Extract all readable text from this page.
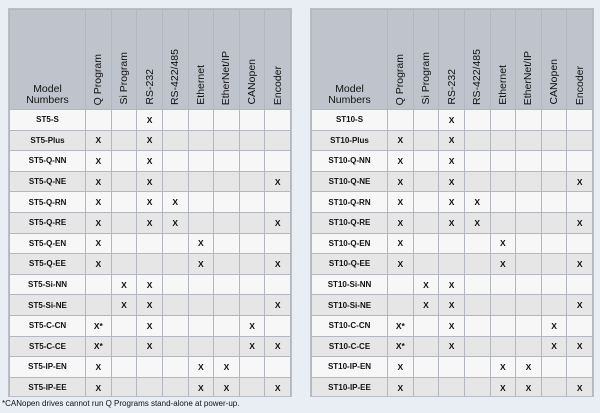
Model
Numbers	Q Program	Si Program	RS-232	RS-422/485	Ethernet	EtherNet/IP	CANopen	Encoder

ST5-S			X					
ST5-Plus	X		X					
ST5-Q-NN	X		X					
ST5-Q-NE	X		X					X
ST5-Q-RN	X		X	X				
ST5-Q-RE	X		X	X				X
ST5-Q-EN	X				X			
ST5-Q-EE	X				X			X
ST5-Si-NN		X	X					
ST5-Si-NE		X	X					X
ST5-C-CN	X*		X				X	
ST5-C-CE	X*		X				X	X
ST5-IP-EN	X				X	X		
ST5-IP-EE	X				X	X		X
Model
Numbers	Q Program	Si Program	RS-232	RS-422/485	Ethernet	EtherNet/IP	CANopen	Encoder

ST10-S			X					
ST10-Plus	X		X					
ST10-Q-NN	X		X					
ST10-Q-NE	X		X					X
ST10-Q-RN	X		X	X				
ST10-Q-RE	X		X	X				X
ST10-Q-EN	X				X			
ST10-Q-EE	X				X			X
ST10-Si-NN		X	X					
ST10-Si-NE		X	X					X
ST10-C-CN	X*		X				X	
ST10-C-CE	X*		X				X	X
ST10-IP-EN	X				X	X		
ST10-IP-EE	X				X	X		X
*CANopen drives cannot run Q Programs stand-alone at power-up.
